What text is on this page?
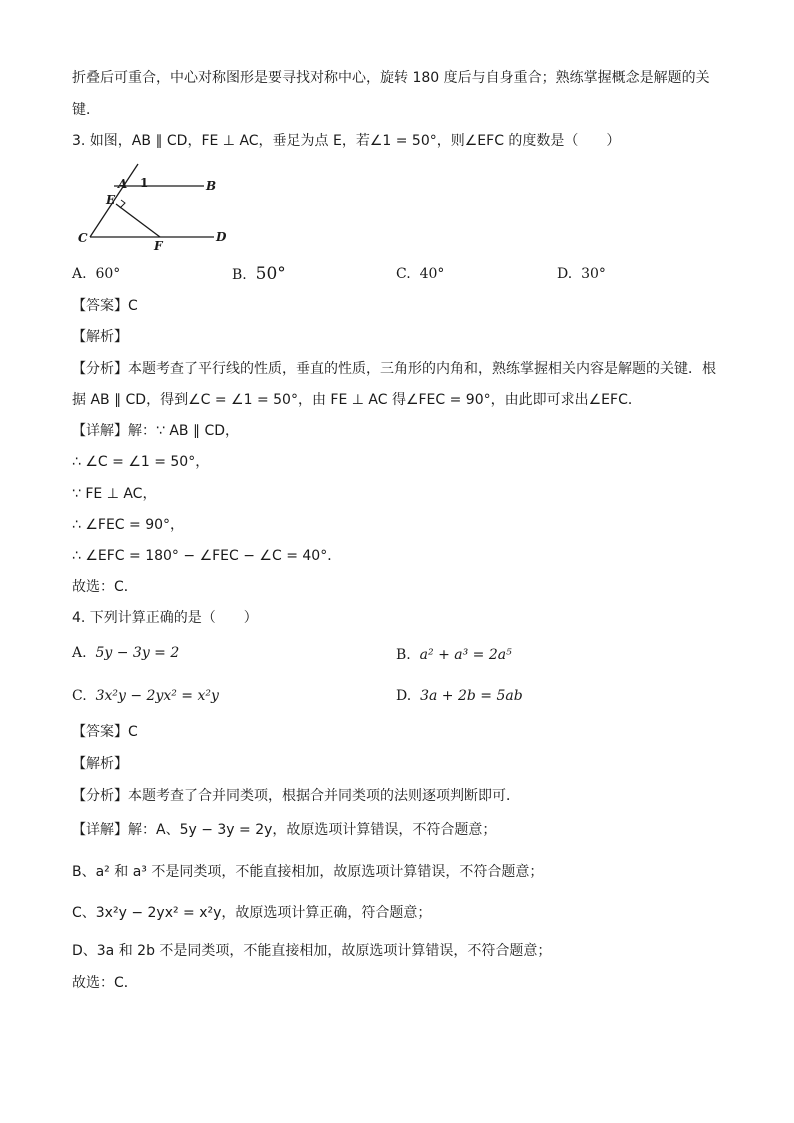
折叠后可重合，中心对称图形是要寻找对称中心，旋转 180 度后与自身重合；熟练掌握概念是解题的关
键．
3. 如图，AB ∥ CD，FE ⊥ AC，垂足为点 E，若∠1 = 50°，则∠EFC 的度数是（　　）
A 1	B
E
C
F
D
A. 60°	B. 50°	C. 40°	D. 30°
【答案】C
【解析】
【分析】本题考查了平行线的性质，垂直的性质，三角形的内角和，熟练掌握相关内容是解题的关键．根
据 AB ∥ CD，得到∠C = ∠1 = 50°，由 FE ⊥ AC 得∠FEC = 90°，由此即可求出∠EFC．
【详解】解：∵ AB ∥ CD，
∴ ∠C = ∠1 = 50°，
∵ FE ⊥ AC，
∴ ∠FEC = 90°，
∴ ∠EFC = 180° − ∠FEC − ∠C = 40°．
故选：C．
4. 下列计算正确的是（　　）
A. 5y − 3y = 2	B. a² + a³ = 2a⁵
C. 3x²y − 2yx² = x²y	D. 3a + 2b = 5ab
【答案】C
【解析】
【分析】本题考查了合并同类项，根据合并同类项的法则逐项判断即可．
【详解】解：A、5y − 3y = 2y，故原选项计算错误，不符合题意；
B、a² 和 a³ 不是同类项，不能直接相加，故原选项计算错误，不符合题意；
C、3x²y − 2yx² = x²y，故原选项计算正确，符合题意；
D、3a 和 2b 不是同类项，不能直接相加，故原选项计算错误，不符合题意；
故选：C．
